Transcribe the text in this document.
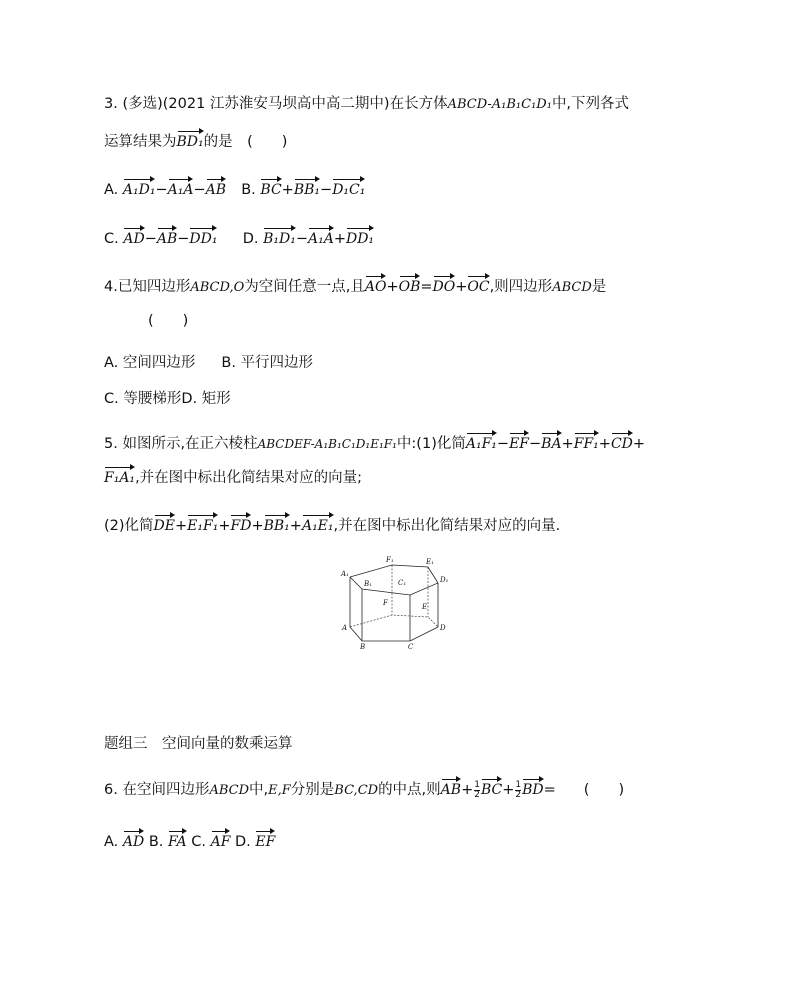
3. (多选)(2021 江苏淮安马坝高中高二期中)在长方体ABCD-A₁B₁C₁D₁中,下列各式
运算结果为BD₁的是　(　　)
A. A₁D₁−A₁A−AB B. BC+BB₁−D₁C₁
C. AD−AB−DD₁ D. B₁D₁−A₁A+DD₁
4.已知四边形ABCD,O为空间任意一点,且AO+OB=DO+OC,则四边形ABCD是
(　　)
A. 空间四边形 B. 平行四边形
C. 等腰梯形D. 矩形
5. 如图所示,在正六棱柱ABCDEF-A₁B₁C₁D₁E₁F₁中:(1)化简A₁F₁−EF−BA+FF₁+CD+
F₁A₁,并在图中标出化简结果对应的向量;
(2)化简DE+E₁F₁+FD+BB₁+A₁E₁,并在图中标出化简结果对应的向量.
A₁
F₁	E₁
D₁
B₁	C₁
F	E
A	D
B	C
题组三　空间向量的数乘运算
6. 在空间四边形ABCD中,E,F分别是BC,CD的中点,则$AB+ \frac{1}{2} BC+ \frac{1}{2} BD=$ (　　)
A. AD B. FA C. AF D. EF
